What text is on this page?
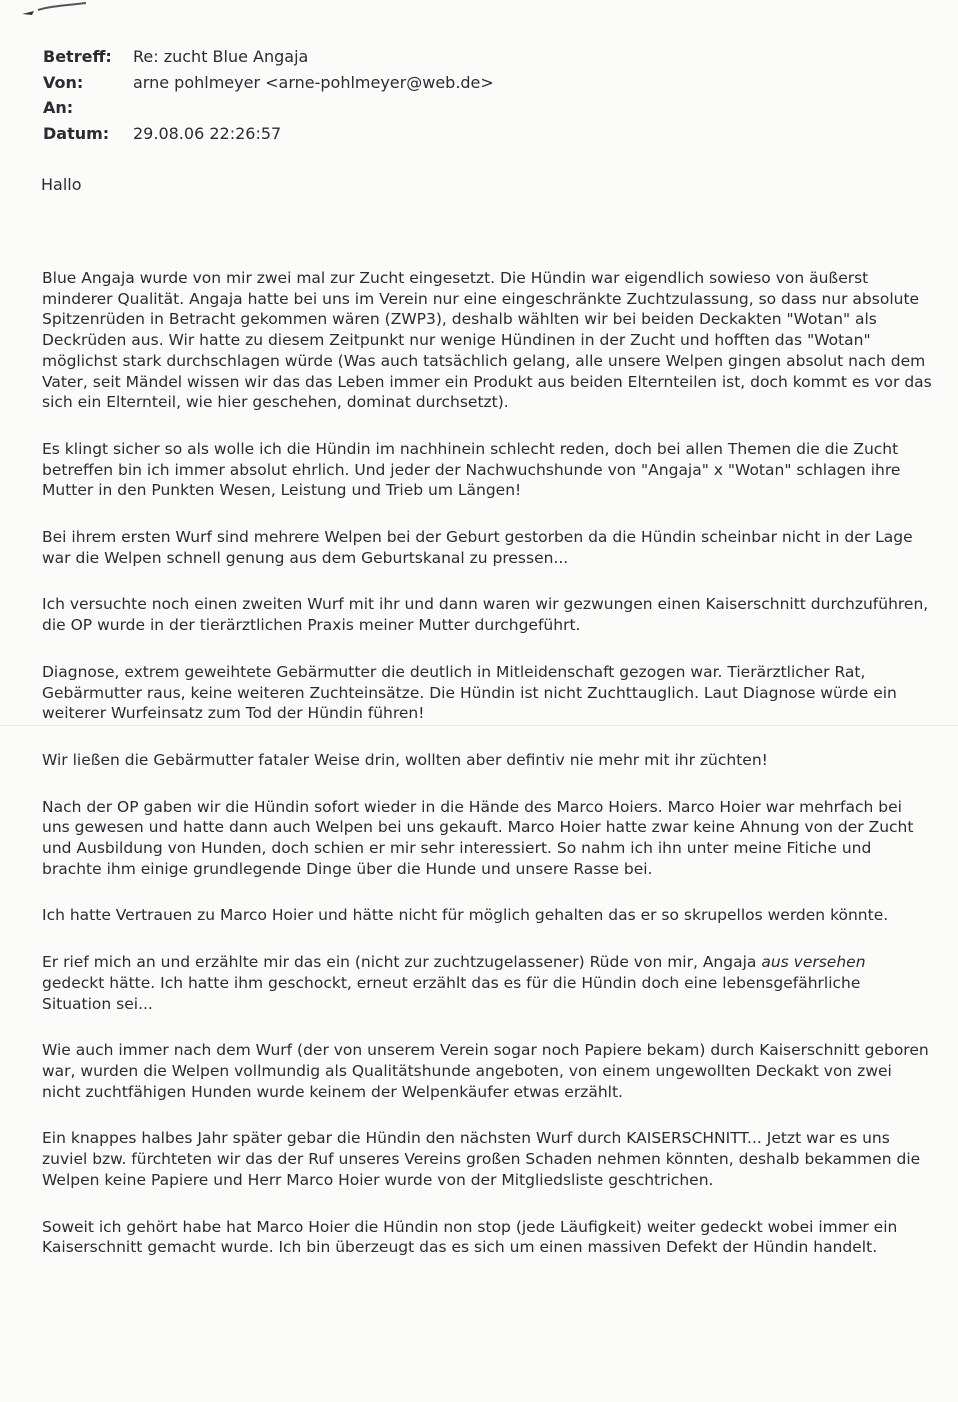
Betreff:	Re: zucht Blue Angaja
Von:	arne pohlmeyer <arne-pohlmeyer@web.de>
An:
Datum:	29.08.06 22:26:57
Hallo

Blue Angaja wurde von mir zwei mal zur Zucht eingesetzt. Die Hündin war eigendlich sowieso von äußerst minderer Qualität. Angaja hatte bei uns im Verein nur eine eingeschränkte Zuchtzulassung, so dass nur absolute Spitzenrüden in Betracht gekommen wären (ZWP3), deshalb wählten wir bei beiden Deckakten "Wotan" als Deckrüden aus. Wir hatte zu diesem Zeitpunkt nur wenige Hündinen in der Zucht und hofften das "Wotan" möglichst stark durchschlagen würde (Was auch tatsächlich gelang, alle unsere Welpen gingen absolut nach dem Vater, seit Mändel wissen wir das das Leben immer ein Produkt aus beiden Elternteilen ist, doch kommt es vor das sich ein Elternteil, wie hier geschehen, dominat durchsetzt).

Es klingt sicher so als wolle ich die Hündin im nachhinein schlecht reden, doch bei allen Themen die die Zucht betreffen bin ich immer absolut ehrlich. Und jeder der Nachwuchshunde von "Angaja" x "Wotan" schlagen ihre Mutter in den Punkten Wesen, Leistung und Trieb um Längen!

Bei ihrem ersten Wurf sind mehrere Welpen bei der Geburt gestorben da die Hündin scheinbar nicht in der Lage war die Welpen schnell genung aus dem Geburtskanal zu pressen...

Ich versuchte noch einen zweiten Wurf mit ihr und dann waren wir gezwungen einen Kaiserschnitt durchzuführen, die OP wurde in der tierärztlichen Praxis meiner Mutter durchgeführt.

Diagnose, extrem geweihtete Gebärmutter die deutlich in Mitleidenschaft gezogen war. Tierärztlicher Rat, Gebärmutter raus, keine weiteren Zuchteinsätze. Die Hündin ist nicht Zuchttauglich. Laut Diagnose würde ein weiterer Wurfeinsatz zum Tod der Hündin führen!

Wir ließen die Gebärmutter fataler Weise drin, wollten aber defintiv nie mehr mit ihr züchten!

Nach der OP gaben wir die Hündin sofort wieder in die Hände des Marco Hoiers. Marco Hoier war mehrfach bei uns gewesen und hatte dann auch Welpen bei uns gekauft. Marco Hoier hatte zwar keine Ahnung von der Zucht und Ausbildung von Hunden, doch schien er mir sehr interessiert. So nahm ich ihn unter meine Fitiche und brachte ihm einige grundlegende Dinge über die Hunde und unsere Rasse bei.

Ich hatte Vertrauen zu Marco Hoier und hätte nicht für möglich gehalten das er so skrupellos werden könnte.

Er rief mich an und erzählte mir das ein (nicht zur zuchtzugelassener) Rüde von mir, Angaja aus versehen gedeckt hätte. Ich hatte ihm geschockt, erneut erzählt das es für die Hündin doch eine lebensgefährliche Situation sei...

Wie auch immer nach dem Wurf (der von unserem Verein sogar noch Papiere bekam) durch Kaiserschnitt geboren war, wurden die Welpen vollmundig als Qualitätshunde angeboten, von einem ungewollten Deckakt von zwei nicht zuchtfähigen Hunden wurde keinem der Welpenkäufer etwas erzählt.

Ein knappes halbes Jahr später gebar die Hündin den nächsten Wurf durch KAISERSCHNITT... Jetzt war es uns zuviel bzw. fürchteten wir das der Ruf unseres Vereins großen Schaden nehmen könnten, deshalb bekammen die Welpen keine Papiere und Herr Marco Hoier wurde von der Mitgliedsliste geschtrichen.

Soweit ich gehört habe hat Marco Hoier die Hündin non stop (jede Läufigkeit) weiter gedeckt wobei immer ein Kaiserschnitt gemacht wurde. Ich bin überzeugt das es sich um einen massiven Defekt der Hündin handelt.
